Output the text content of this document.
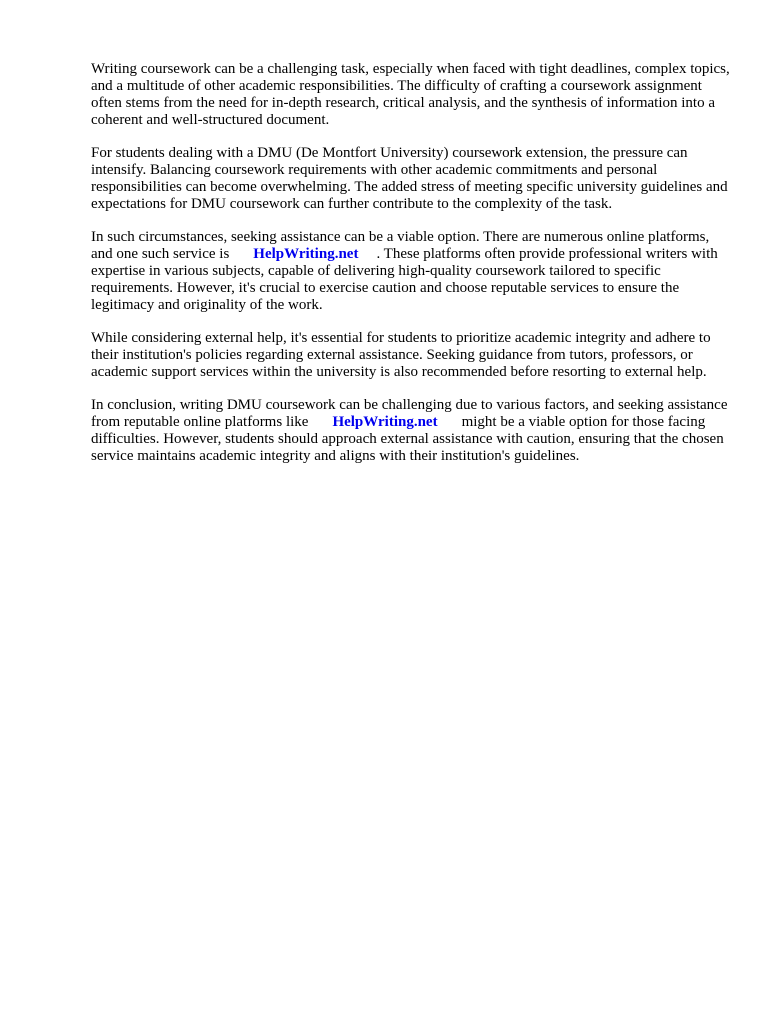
Writing coursework can be a challenging task, especially when faced with tight deadlines, complex topics, and a multitude of other academic responsibilities. The difficulty of crafting a coursework assignment often stems from the need for in-depth research, critical analysis, and the synthesis of information into a coherent and well-structured document.

For students dealing with a DMU (De Montfort University) coursework extension, the pressure can intensify. Balancing coursework requirements with other academic commitments and personal responsibilities can become overwhelming. The added stress of meeting specific university guidelines and expectations for DMU coursework can further contribute to the complexity of the task.

In such circumstances, seeking assistance can be a viable option. There are numerous online platforms, and one such service is HelpWriting.net . These platforms often provide professional writers with expertise in various subjects, capable of delivering high-quality coursework tailored to specific requirements. However, it's crucial to exercise caution and choose reputable services to ensure the legitimacy and originality of the work.

While considering external help, it's essential for students to prioritize academic integrity and adhere to their institution's policies regarding external assistance. Seeking guidance from tutors, professors, or academic support services within the university is also recommended before resorting to external help.

In conclusion, writing DMU coursework can be challenging due to various factors, and seeking assistance from reputable online platforms like HelpWriting.net might be a viable option for those facing difficulties. However, students should approach external assistance with caution, ensuring that the chosen service maintains academic integrity and aligns with their institution's guidelines.
